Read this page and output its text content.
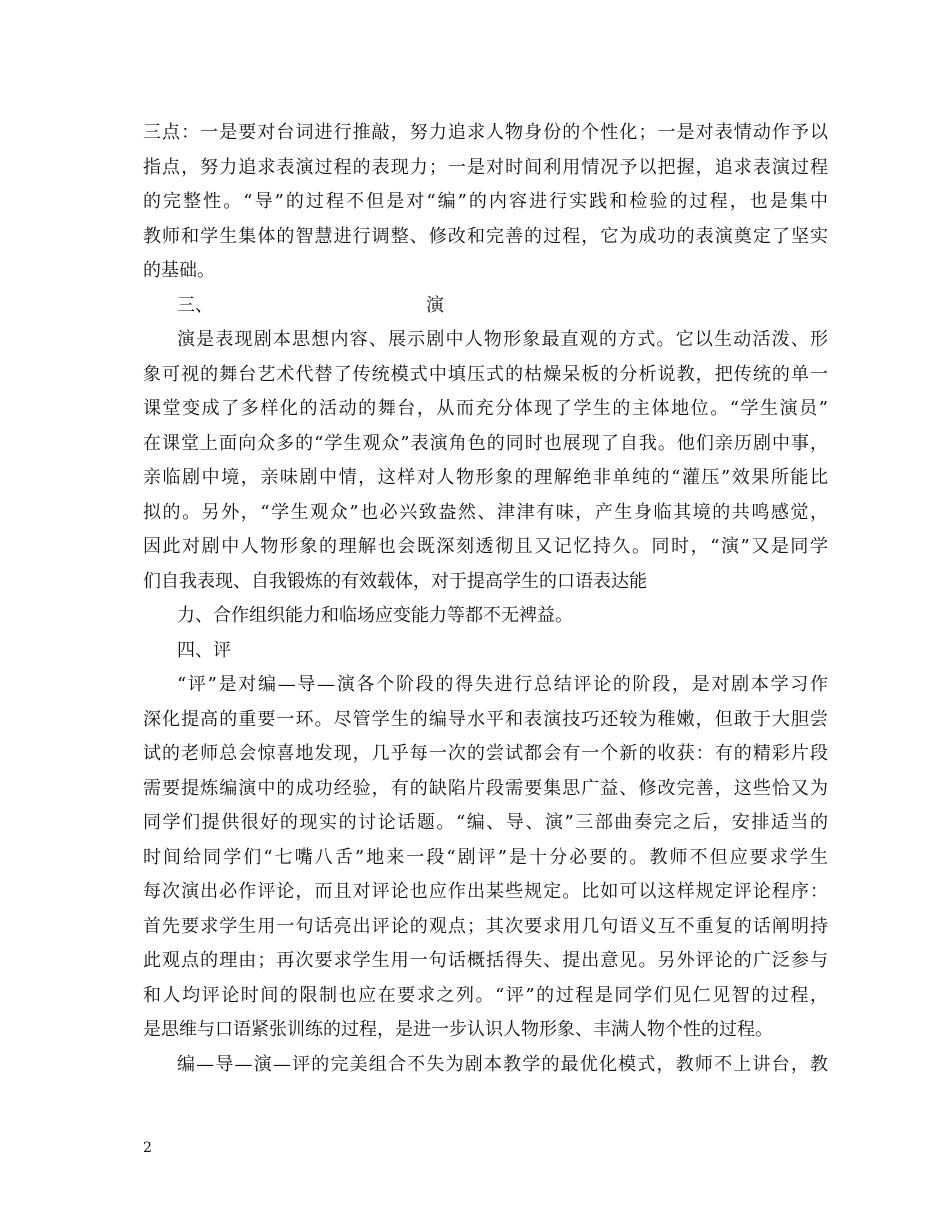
三点：一是要对台词进行推敲，努力追求人物身份的个性化；一是对表情动作予以
指点，努力追求表演过程的表现力；一是对时间利用情况予以把握，追求表演过程
的完整性。“导”的过程不但是对“编”的内容进行实践和检验的过程，也是集中
教师和学生集体的智慧进行调整、修改和完善的过程，它为成功的表演奠定了坚实
的基础。
三、	演
演是表现剧本思想内容、展示剧中人物形象最直观的方式。它以生动活泼、形
象可视的舞台艺术代替了传统模式中填压式的枯燥呆板的分析说教，把传统的单一
课堂变成了多样化的活动的舞台，从而充分体现了学生的主体地位。“学生演员”
在课堂上面向众多的“学生观众”表演角色的同时也展现了自我。他们亲历剧中事，
亲临剧中境，亲味剧中情，这样对人物形象的理解绝非单纯的“灌压”效果所能比
拟的。另外，“学生观众”也必兴致盎然、津津有味，产生身临其境的共鸣感觉，
因此对剧中人物形象的理解也会既深刻透彻且又记忆持久。同时，“演”又是同学
们自我表现、自我锻炼的有效载体，对于提高学生的口语表达能
力、合作组织能力和临场应变能力等都不无裨益。
四、评
“评”是对编—导—演各个阶段的得失进行总结评论的阶段，是对剧本学习作
深化提高的重要一环。尽管学生的编导水平和表演技巧还较为稚嫩，但敢于大胆尝
试的老师总会惊喜地发现，几乎每一次的尝试都会有一个新的收获：有的精彩片段
需要提炼编演中的成功经验，有的缺陷片段需要集思广益、修改完善，这些恰又为
同学们提供很好的现实的讨论话题。“编、导、演”三部曲奏完之后，安排适当的
时间给同学们“七嘴八舌”地来一段“剧评”是十分必要的。教师不但应要求学生
每次演出必作评论，而且对评论也应作出某些规定。比如可以这样规定评论程序：
首先要求学生用一句话亮出评论的观点；其次要求用几句语义互不重复的话阐明持
此观点的理由；再次要求学生用一句话概括得失、提出意见。另外评论的广泛参与
和人均评论时间的限制也应在要求之列。“评”的过程是同学们见仁见智的过程，
是思维与口语紧张训练的过程，是进一步认识人物形象、丰满人物个性的过程。
编—导—演—评的完美组合不失为剧本教学的最优化模式，教师不上讲台，教
2
